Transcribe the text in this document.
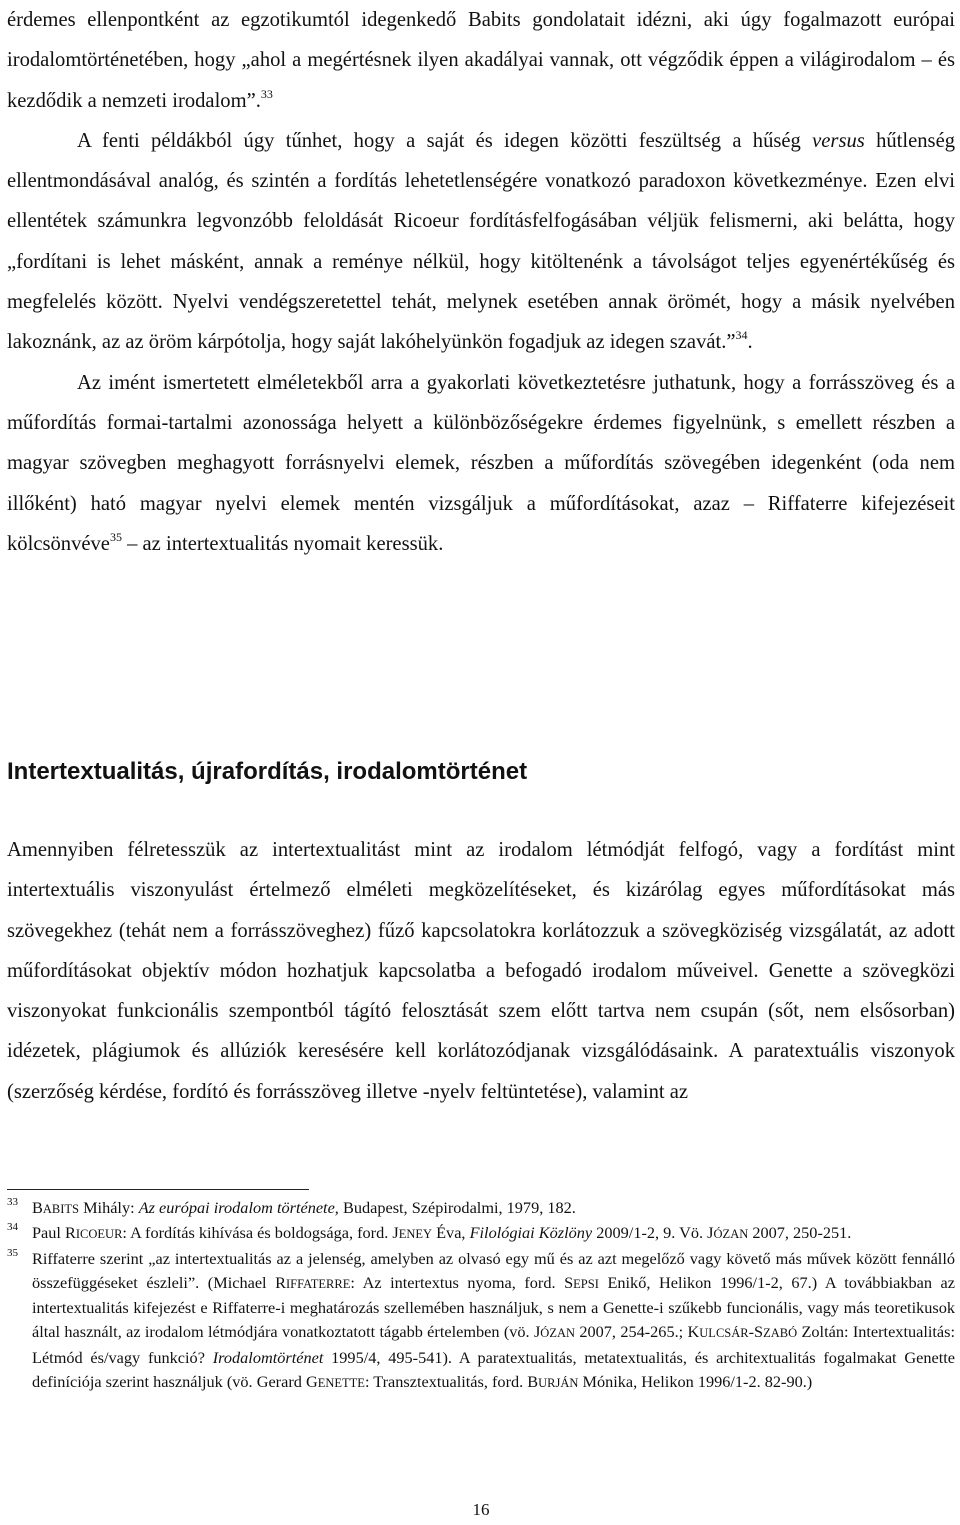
érdemes ellenpontként az egzotikumtól idegenkedő Babits gondolatait idézni, aki úgy fogalmazott európai irodalomtörténetében, hogy „ahol a megértésnek ilyen akadályai vannak, ott végződik éppen a világirodalom – és kezdődik a nemzeti irodalom”.$^{33}$

A fenti példákból úgy tűnhet, hogy a saját és idegen közötti feszültség a hűség versus hűtlenség ellentmondásával analóg, és szintén a fordítás lehetetlenségére vonatkozó paradoxon következménye. Ezen elvi ellentétek számunkra legvonzóbb feloldását Ricoeur fordításfelfogásában véljük felismerni, aki belátta, hogy „fordítani is lehet másként, annak a reménye nélkül, hogy kitöltenénk a távolságot teljes egyenértékűség és megfelelés között. Nyelvi vendégszeretettel tehát, melynek esetében annak örömét, hogy a másik nyelvében lakoznánk, az az öröm kárpótolja, hogy saját lakóhelyünkön fogadjuk az idegen szavát.”$^{34}$.

Az imént ismertetett elméletekből arra a gyakorlati következtetésre juthatunk, hogy a forrásszöveg és a műfordítás formai-tartalmi azonossága helyett a különbözőségekre érdemes figyelnünk, s emellett részben a magyar szövegben meghagyott forrásnyelvi elemek, részben a műfordítás szövegében idegenként (oda nem illőként) ható magyar nyelvi elemek mentén vizsgáljuk a műfordításokat, azaz – Riffaterre kifejezéseit kölcsönvéve$^{35}$ – az intertextualitás nyomait keressük.

Intertextualitás, újrafordítás, irodalomtörténet

Amennyiben félretesszük az intertextualitást mint az irodalom létmódját felfogó, vagy a fordítást mint intertextuális viszonyulást értelmező elméleti megközelítéseket, és kizárólag egyes műfordításokat más szövegekhez (tehát nem a forrásszöveghez) fűző kapcsolatokra korlátozzuk a szövegköziség vizsgálatát, az adott műfordításokat objektív módon hozhatjuk kapcsolatba a befogadó irodalom műveivel. Genette a szövegközi viszonyokat funkcionális szempontból tágító felosztását szem előtt tartva nem csupán (sőt, nem elsősorban) idézetek, plágiumok és allúziók keresésére kell korlátozódjanak vizsgálódásaink. A paratextuális viszonyok (szerzőség kérdése, fordító és forrásszöveg illetve -nyelv feltüntetése), valamint az

33 BABITS Mihály: Az európai irodalom története, Budapest, Szépirodalmi, 1979, 182.

34 Paul RICOEUR: A fordítás kihívása és boldogsága, ford. JENEY Éva, Filológiai Közlöny 2009/1-2, 9. Vö. JÓZAN 2007, 250-251.

35 Riffaterre szerint „az intertextualitás az a jelenség, amelyben az olvasó egy mű és az azt megelőző vagy követő más művek között fennálló összefüggéseket észleli”. (Michael RIFFATERRE: Az intertextus nyoma, ford. SEPSI Enikő, Helikon 1996/1-2, 67.) A továbbiakban az intertextualitás kifejezést e Riffaterre-i meghatározás szellemében használjuk, s nem a Genette-i szűkebb funcionális, vagy más teoretikusok által használt, az irodalom létmódjára vonatkoztatott tágabb értelemben (vö. JÓZAN 2007, 254-265.; KULCSÁR-SZABÓ Zoltán: Intertextualitás: Létmód és/vagy funkció? Irodalomtörténet 1995/4, 495-541). A paratextualitás, metatextualitás, és architextualitás fogalmakat Genette definíciója szerint használjuk (vö. Gerard GENETTE: Transztextualitás, ford. BURJÁN Mónika, Helikon 1996/1-2. 82-90.)

16
